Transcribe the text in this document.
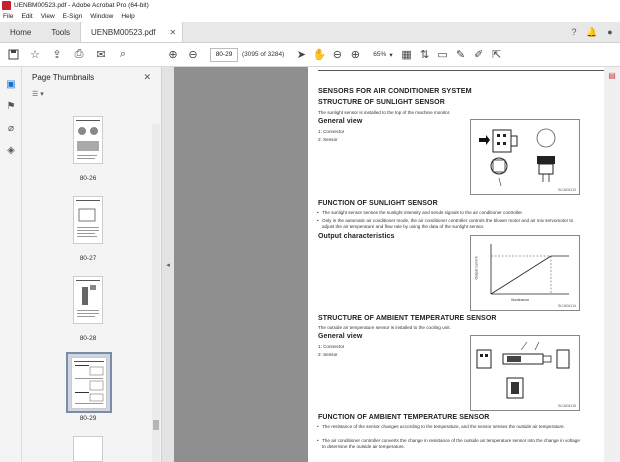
UENBM00523.pdf - Adobe Acrobat Pro (64-bit)
File Edit View E-Sign Window Help
Home	Tools	UENBM00523.pdf ✕	?	🔔	●
☆ ⇪ ⎙ ✉	⌕	⊕ ⊖	80-29	(3095 of 3284) ➤ ✋ ⊖ ⊕	65% ▾ ▦ ⇅ ▭ ✎ ✐ ⇱
▣
⚑
⌀
◈
Page Thumbnails	✕
☰ ▾
80-26
80-27
80-28
80-29
◂
SENSORS FOR AIR CONDITIONER SYSTEM
STRUCTURE OF SUNLIGHT SENSOR
The sunlight sensor is installed to the top of the machine monitor.
General view
1: Connector
2: Sensor
SUJ404113
FUNCTION OF SUNLIGHT SENSOR
• The sunlight sensor senses the sunlight intensity and sends signals to the air conditioner controller.
• Only in the automatic air conditioner mode, the air conditioner controller controls the blower motor and air mix servomotor to adjust the air temperature and flow rate by using the data of the sunlight sensor.
Output characteristics
Output current
Illuminance
SUJ404114
STRUCTURE OF AMBIENT TEMPERATURE SENSOR
The outside air temperature sensor is installed to the cooling unit.
General view
1: Connector
2: Sensor
SUJ404115
FUNCTION OF AMBIENT TEMPERATURE SENSOR
• The resistance of the sensor changes according to the temperature, and the sensor senses the outside air temperature.
• The air conditioner controller converts the change in resistance of the outside air temperature sensor into the change in voltage to determine the outside air temperature.
▤
